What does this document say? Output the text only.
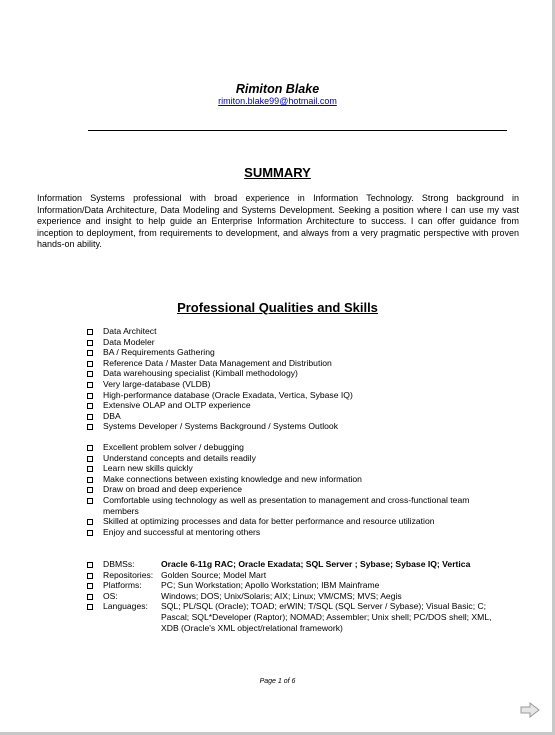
Rimiton Blake
rimiton.blake99@hotmail.com
SUMMARY

Information Systems professional with broad experience in Information Technology. Strong background in Information/Data Architecture, Data Modeling and Systems Development. Seeking a position where I can use my vast experience and insight to help guide an Enterprise Information Architecture to success. I can offer guidance from inception to deployment, from requirements to development, and always from a very pragmatic perspective with proven hands-on ability.

Professional Qualities and Skills
Data Architect
Data Modeler
BA / Requirements Gathering
Reference Data / Master Data Management and Distribution
Data warehousing specialist (Kimball methodology)
Very large-database (VLDB)
High-performance database (Oracle Exadata, Vertica, Sybase IQ)
Extensive OLAP and OLTP experience
DBA
Systems Developer / Systems Background / Systems Outlook
Excellent problem solver / debugging
Understand concepts and details readily
Learn new skills quickly
Make connections between existing knowledge and new information
Draw on broad and deep experience
Comfortable using technology as well as presentation to management and cross-functional team members
Skilled at optimizing processes and data for better performance and resource utilization
Enjoy and successful at mentoring others
DBMSs:	Oracle 6-11g RAC; Oracle Exadata; SQL Server ; Sybase; Sybase IQ; Vertica
Repositories: Golden Source; Model Mart
Platforms: PC; Sun Workstation; Apollo Workstation; IBM Mainframe
OS:	Windows; DOS; Unix/Solaris; AIX; Linux; VM/CMS; MVS; Aegis
Languages: SQL; PL/SQL (Oracle); TOAD; erWIN; T/SQL (SQL Server / Sybase); Visual Basic; C; Pascal; SQL*Developer (Raptor); NOMAD; Assembler; Unix shell; PC/DOS shell; XML, XDB (Oracle's XML object/relational framework)
Page 1 of 6
